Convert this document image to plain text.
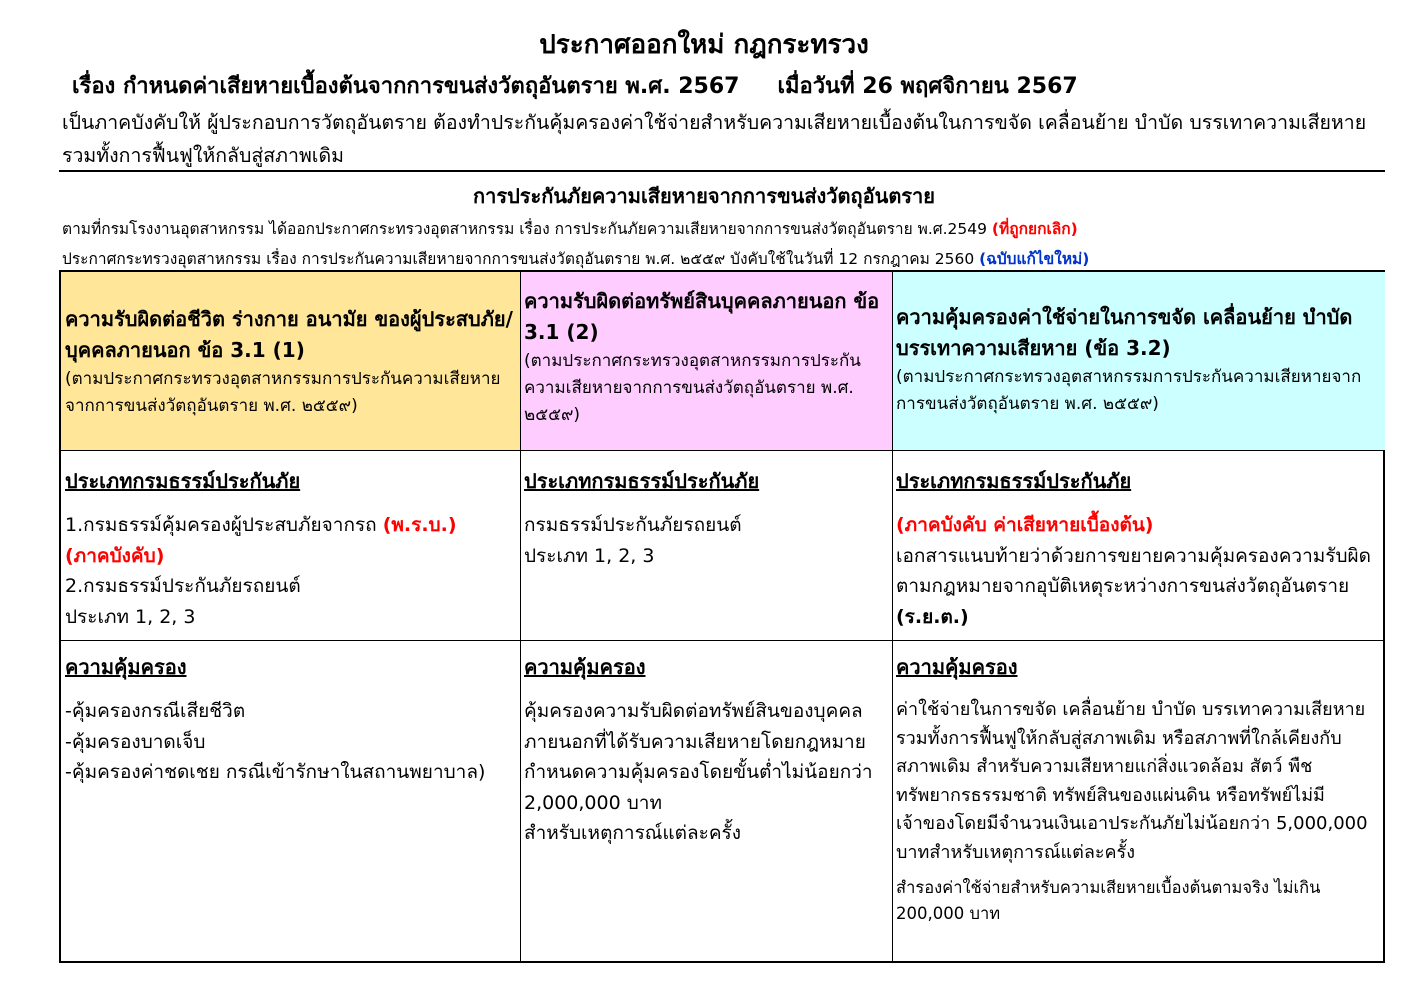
ประกาศออกใหม่ กฎกระทรวง
เรื่อง กำหนดค่าเสียหายเบื้องต้นจากการขนส่งวัตถุอันตราย พ.ศ. 2567 เมื่อวันที่ 26 พฤศจิกายน 2567
เป็นภาคบังคับให้ ผู้ประกอบการวัตถุอันตราย ต้องทำประกันคุ้มครองค่าใช้จ่ายสำหรับความเสียหายเบื้องต้นในการขจัด เคลื่อนย้าย บำบัด บรรเทาความเสียหาย รวมทั้งการฟื้นฟูให้กลับสู่สภาพเดิม
การประกันภัยความเสียหายจากการขนส่งวัตถุอันตราย
ตามที่กรมโรงงานอุตสาหกรรม ได้ออกประกาศกระทรวงอุตสาหกรรม เรื่อง การประกันภัยความเสียหายจากการขนส่งวัตถุอันตราย พ.ศ.2549 (ที่ถูกยกเลิก)
ประกาศกระทรวงอุตสาหกรรม เรื่อง การประกันความเสียหายจากการขนส่งวัตถุอันตราย พ.ศ. ๒๕๕๙ บังคับใช้ในวันที่ 12 กรกฎาคม 2560 (ฉบับแก้ไขใหม่)
ความรับผิดต่อชีวิต ร่างกาย อนามัย ของผู้ประสบภัย/บุคคลภายนอก ข้อ 3.1 (1)
(ตามประกาศกระทรวงอุตสาหกรรมการประกันความเสียหายจากการขนส่งวัตถุอันตราย พ.ศ. ๒๕๕๙)
ความรับผิดต่อทรัพย์สินบุคคลภายนอก ข้อ 3.1 (2)
(ตามประกาศกระทรวงอุตสาหกรรมการประกันความเสียหายจากการขนส่งวัตถุอันตราย พ.ศ. ๒๕๕๙)
ความคุ้มครองค่าใช้จ่ายในการขจัด เคลื่อนย้าย บำบัด บรรเทาความเสียหาย (ข้อ 3.2)
(ตามประกาศกระทรวงอุตสาหกรรมการประกันความเสียหายจากการขนส่งวัตถุอันตราย พ.ศ. ๒๕๕๙)
ประเภทกรมธรรม์ประกันภัย
1.กรมธรรม์คุ้มครองผู้ประสบภัยจากรถ (พ.ร.บ.)
(ภาคบังคับ)
2.กรมธรรม์ประกันภัยรถยนต์
ประเภท 1, 2, 3
ประเภทกรมธรรม์ประกันภัย
กรมธรรม์ประกันภัยรถยนต์
ประเภท 1, 2, 3
ประเภทกรมธรรม์ประกันภัย
(ภาคบังคับ ค่าเสียหายเบื้องต้น)
เอกสารแนบท้ายว่าด้วยการขยายความคุ้มครองความรับผิดตามกฎหมายจากอุบัติเหตุระหว่างการขนส่งวัตถุอันตราย (ร.ย.ต.)
ความคุ้มครอง
-คุ้มครองกรณีเสียชีวิต
-คุ้มครองบาดเจ็บ
-คุ้มครองค่าชดเชย กรณีเข้ารักษาในสถานพยาบาล)
ความคุ้มครอง
คุ้มครองความรับผิดต่อทรัพย์สินของบุคคลภายนอกที่ได้รับความเสียหายโดยกฎหมายกำหนดความคุ้มครองโดยขั้นต่ำไม่น้อยกว่า 2,000,000 บาท
สำหรับเหตุการณ์แต่ละครั้ง
ความคุ้มครอง
ค่าใช้จ่ายในการขจัด เคลื่อนย้าย บำบัด บรรเทาความเสียหาย รวมทั้งการฟื้นฟูให้กลับสู่สภาพเดิม หรือสภาพที่ใกล้เคียงกับสภาพเดิม สำหรับความเสียหายแก่สิ่งแวดล้อม สัตว์ พืช ทรัพยากรธรรมชาติ ทรัพย์สินของแผ่นดิน หรือทรัพย์ไม่มีเจ้าของโดยมีจำนวนเงินเอาประกันภัยไม่น้อยกว่า 5,000,000 บาทสำหรับเหตุการณ์แต่ละครั้ง
สำรองค่าใช้จ่ายสำหรับความเสียหายเบื้องต้นตามจริง ไม่เกิน 200,000 บาท
